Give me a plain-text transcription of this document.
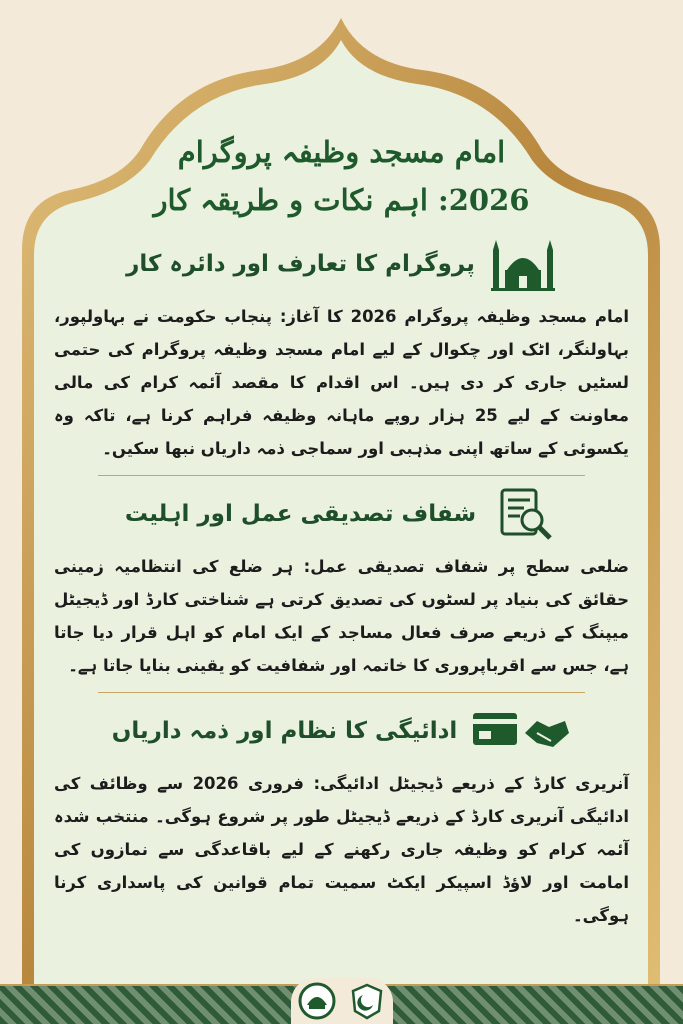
امام مسجد وظیفہ پروگرام
2026: اہم نکات و طریقہ کار
پروگرام کا تعارف اور دائرہ کار
امام مسجد وظیفہ پروگرام 2026 کا آغاز: پنجاب حکومت نے بہاولپور، بہاولنگر، اٹک اور چکوال کے لیے امام مسجد وظیفہ پروگرام کی حتمی لسٹیں جاری کر دی ہیں۔ اس اقدام کا مقصد آئمہ کرام کی مالی معاونت کے لیے 25 ہزار روپے ماہانہ وظیفہ فراہم کرنا ہے، تاکہ وہ یکسوئی کے ساتھ اپنی مذہبی اور سماجی ذمہ داریاں نبھا سکیں۔
شفاف تصدیقی عمل اور اہلیت
ضلعی سطح پر شفاف تصدیقی عمل: ہر ضلع کی انتظامیہ زمینی حقائق کی بنیاد پر لسٹوں کی تصدیق کرتی ہے شناختی کارڈ اور ڈیجیٹل میپنگ کے ذریعے صرف فعال مساجد کے ایک امام کو اہل قرار دیا جاتا ہے، جس سے اقرباپروری کا خاتمہ اور شفافیت کو یقینی بنایا جاتا ہے۔
ادائیگی کا نظام اور ذمہ داریاں
آنریری کارڈ کے ذریعے ڈیجیٹل ادائیگی: فروری 2026 سے وظائف کی ادائیگی آنریری کارڈ کے ذریعے ڈیجیٹل طور پر شروع ہوگی۔ منتخب شدہ آئمہ کرام کو وظیفہ جاری رکھنے کے لیے باقاعدگی سے نمازوں کی امامت اور لاؤڈ اسپیکر ایکٹ سمیت تمام قوانین کی پاسداری کرنا ہوگی۔
